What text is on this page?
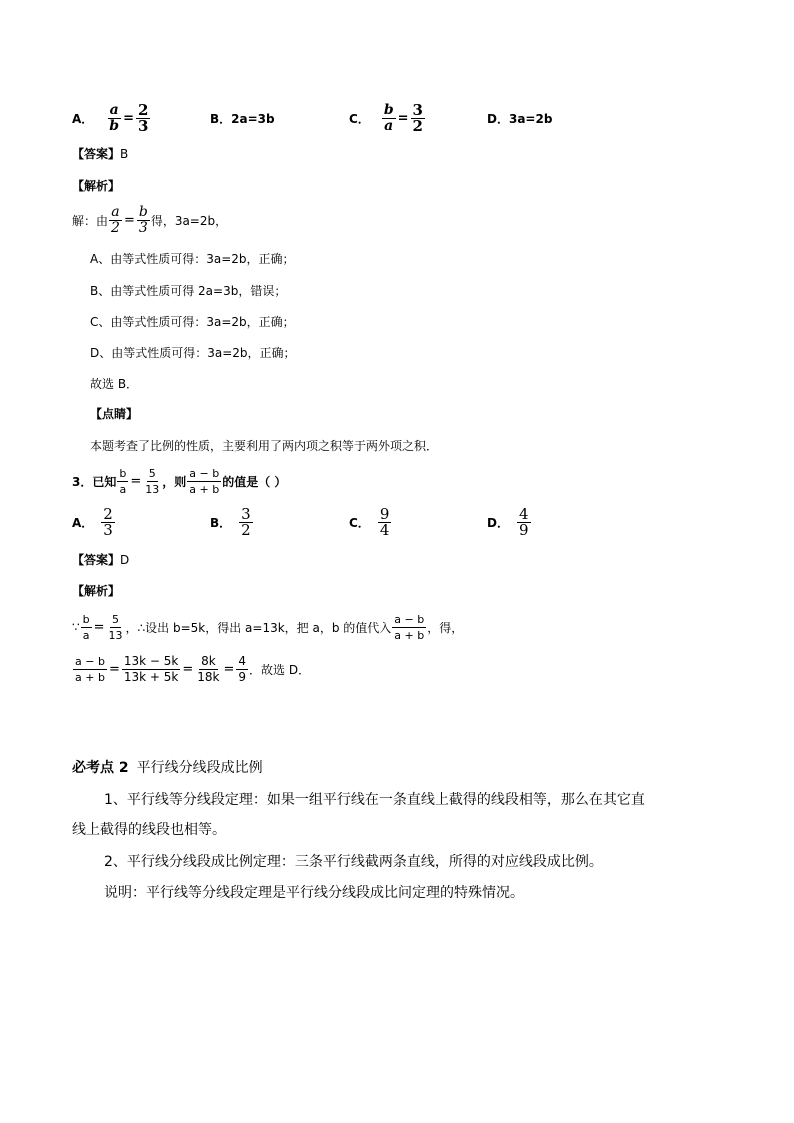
A． $\frac{a}{b} = \frac{2}{3}$	B．2a=3b	C． $\frac{b}{a} = \frac{3}{2}$	D．3a=2b
【答案】B
【解析】
解：由 $\frac{a}{2} = \frac{b}{3}$ 得，3a=2b，
A、由等式性质可得：3a=2b，正确；
B、由等式性质可得 2a=3b，错误；
C、由等式性质可得：3a=2b，正确；
D、由等式性质可得：3a=2b，正确；
故选 B．
【点睛】
本题考查了比例的性质，主要利用了两内项之积等于两外项之积．
3．已知 $\frac{b}{a} = \frac{5}{13}$ ，则 $\frac{a - b}{a + b}$ 的值是（ ）
A． $\frac{2}{3}$	B． $\frac{3}{2}$	C． $\frac{9}{4}$	D． $\frac{4}{9}$
【答案】D
【解析】
∵ $\frac{b}{a} = \frac{5}{13}$ ，∴设出 b=5k，得出 a=13k，把 a，b 的值代入 $\frac{a - b}{a + b}$ ，得，
$\frac{a - b}{a + b} = \frac{13k - 5k}{13k + 5k} = \frac{8k}{18k} = \frac{4}{9}$ ．故选 D．
必考点 2 平行线分线段成比例
1、平行线等分线段定理：如果一组平行线在一条直线上截得的线段相等，那么在其它直
线上截得的线段也相等。
2、平行线分线段成比例定理：三条平行线截两条直线，所得的对应线段成比例。
说明：平行线等分线段定理是平行线分线段成比问定理的特殊情况。
